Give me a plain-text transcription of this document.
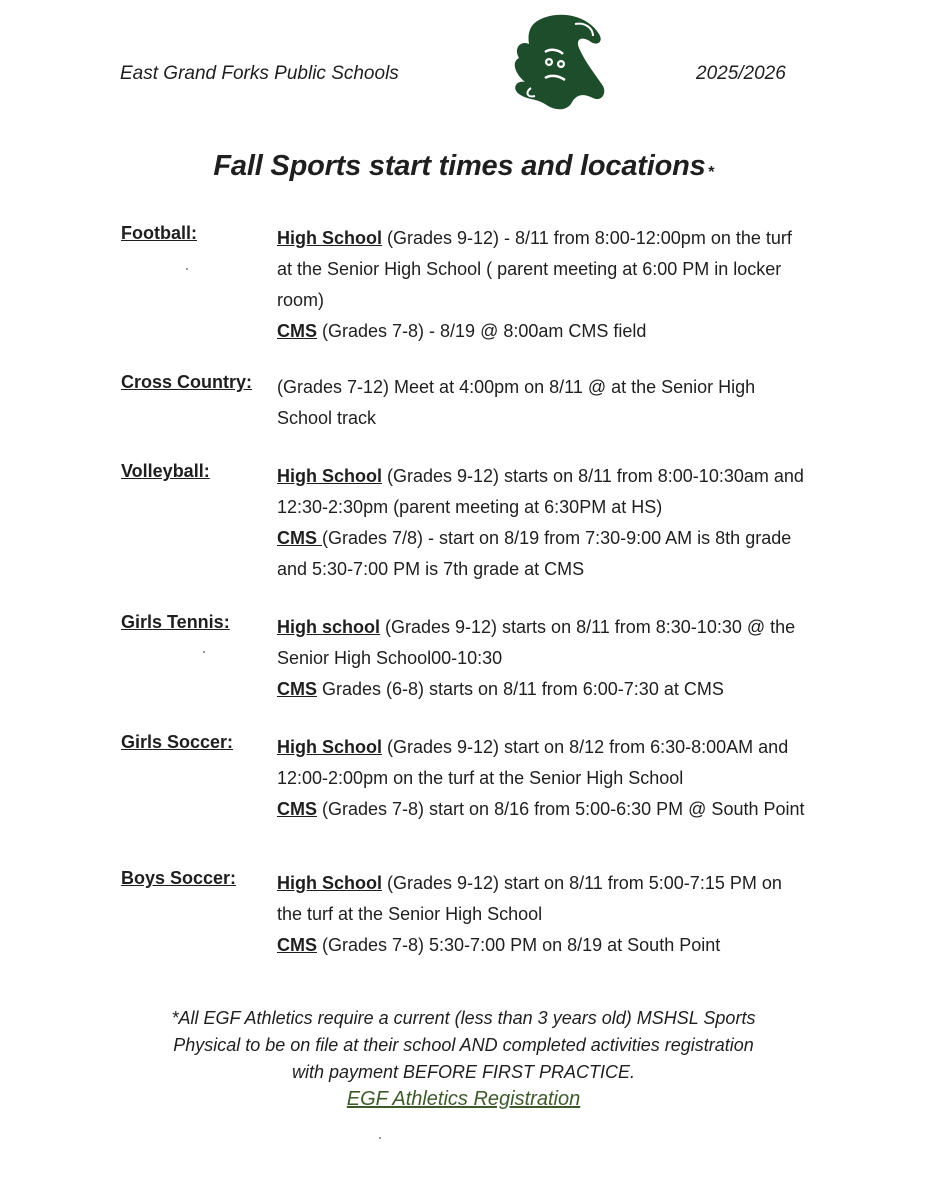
East Grand Forks Public Schools	2025/2026
Fall Sports start times and locations *
Football:	High School (Grades 9-12) - 8/11 from 8:00-12:00pm on the turf at the Senior High School ( parent meeting at 6:00 PM in locker room)

CMS (Grades 7-8) - 8/19 @ 8:00am CMS field

Cross Country: (Grades 7-12) Meet at 4:00pm on 8/11 @ at the Senior High School track

Volleyball:	High School (Grades 9-12) starts on 8/11 from 8:00-10:30am and 12:30-2:30pm (parent meeting at 6:30PM at HS)

CMS (Grades 7/8) - start on 8/19 from 7:30-9:00 AM is 8th grade and 5:30-7:00 PM is 7th grade at CMS

Girls Tennis:	High school (Grades 9-12) starts on 8/11 from 8:30-10:30 @ the Senior High School00-10:30

CMS Grades (6-8) starts on 8/11 from 6:00-7:30 at CMS

Girls Soccer: High School (Grades 9-12) start on 8/12 from 6:30-8:00AM and 12:00-2:00pm on the turf at the Senior High School

CMS (Grades 7-8) start on 8/16 from 5:00-6:30 PM @ South Point

Boys Soccer: High School (Grades 9-12) start on 8/11 from 5:00-7:15 PM on the turf at the Senior High School

CMS (Grades 7-8) 5:30-7:00 PM on 8/19 at South Point

*All EGF Athletics require a current (less than 3 years old) MSHSL Sports

Physical to be on file at their school AND completed activities registration

with payment BEFORE FIRST PRACTICE.

EGF Athletics Registration
